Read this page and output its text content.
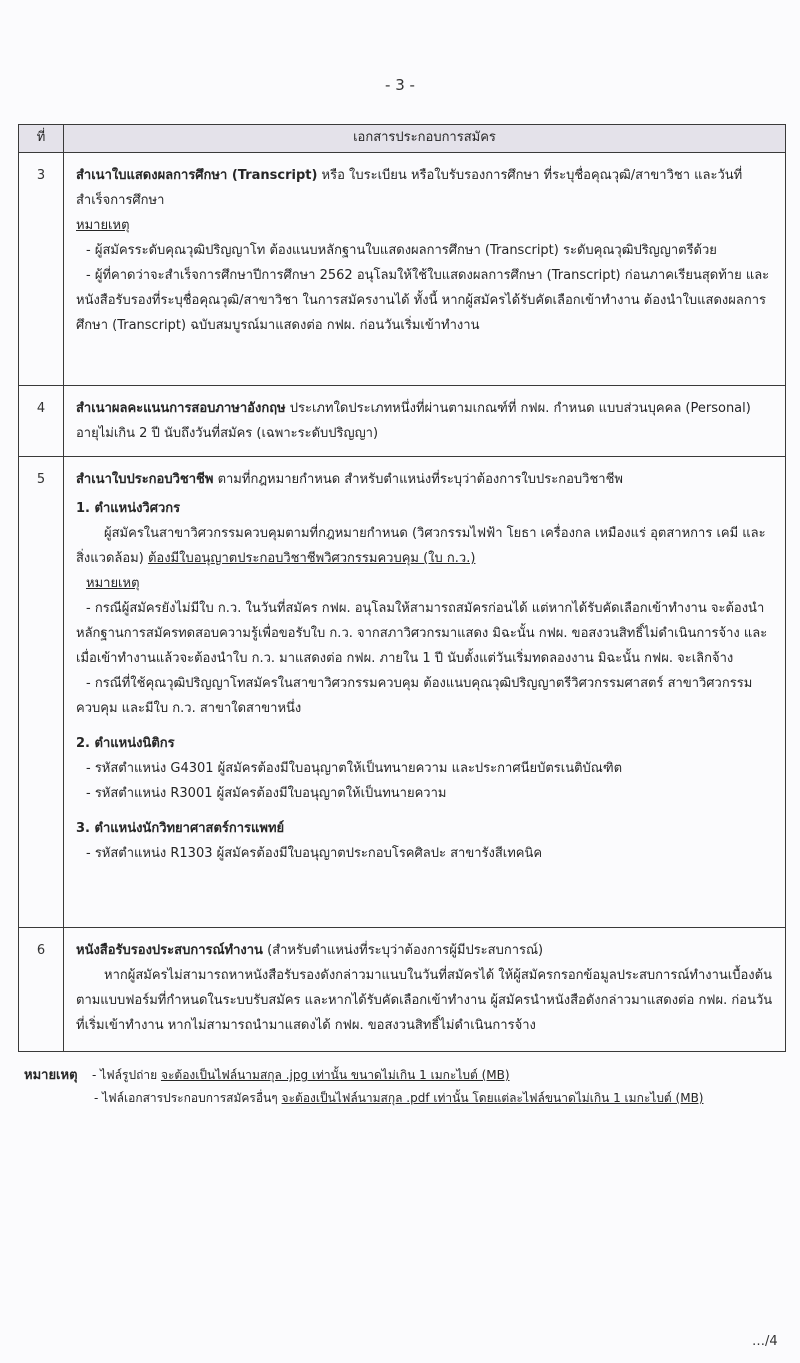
- 3 -
ที่	เอกสารประกอบการสมัคร
3	สำเนาใบแสดงผลการศึกษา (Transcript) หรือ ใบระเบียน หรือใบรับรองการศึกษา ที่ระบุชื่อคุณวุฒิ/สาขาวิชา และวันที่สำเร็จการศึกษา
หมายเหตุ
- ผู้สมัครระดับคุณวุฒิปริญญาโท ต้องแนบหลักฐานใบแสดงผลการศึกษา (Transcript) ระดับคุณวุฒิปริญญาตรีด้วย
- ผู้ที่คาดว่าจะสำเร็จการศึกษาปีการศึกษา 2562 อนุโลมให้ใช้ใบแสดงผลการศึกษา (Transcript) ก่อนภาคเรียนสุดท้าย และหนังสือรับรองที่ระบุชื่อคุณวุฒิ/สาขาวิชา ในการสมัครงานได้ ทั้งนี้ หากผู้สมัครได้รับคัดเลือกเข้าทำงาน ต้องนำใบแสดงผลการศึกษา (Transcript) ฉบับสมบูรณ์มาแสดงต่อ กฟผ. ก่อนวันเริ่มเข้าทำงาน

4	สำเนาผลคะแนนการสอบภาษาอังกฤษ ประเภทใดประเภทหนึ่งที่ผ่านตามเกณฑ์ที่ กฟผ. กำหนด แบบส่วนบุคคล (Personal) อายุไม่เกิน 2 ปี นับถึงวันที่สมัคร (เฉพาะระดับปริญญา)
5	สำเนาใบประกอบวิชาชีพ ตามที่กฎหมายกำหนด สำหรับตำแหน่งที่ระบุว่าต้องการใบประกอบวิชาชีพ
1. ตำแหน่งวิศวกร
ผู้สมัครในสาขาวิศวกรรมควบคุมตามที่กฎหมายกำหนด (วิศวกรรมไฟฟ้า โยธา เครื่องกล เหมืองแร่ อุตสาหการ เคมี และสิ่งแวดล้อม) ต้องมีใบอนุญาตประกอบวิชาชีพวิศวกรรมควบคุม (ใบ ก.ว.)
หมายเหตุ
- กรณีผู้สมัครยังไม่มีใบ ก.ว. ในวันที่สมัคร กฟผ. อนุโลมให้สามารถสมัครก่อนได้ แต่หากได้รับคัดเลือกเข้าทำงาน จะต้องนำหลักฐานการสมัครทดสอบความรู้เพื่อขอรับใบ ก.ว. จากสภาวิศวกรมาแสดง มิฉะนั้น กฟผ. ขอสงวนสิทธิ์ไม่ดำเนินการจ้าง และเมื่อเข้าทำงานแล้วจะต้องนำใบ ก.ว. มาแสดงต่อ กฟผ. ภายใน 1 ปี นับตั้งแต่วันเริ่มทดลองงาน มิฉะนั้น กฟผ. จะเลิกจ้าง
- กรณีที่ใช้คุณวุฒิปริญญาโทสมัครในสาขาวิศวกรรมควบคุม ต้องแนบคุณวุฒิปริญญาตรีวิศวกรรมศาสตร์ สาขาวิศวกรรมควบคุม และมีใบ ก.ว. สาขาใดสาขาหนึ่ง
2. ตำแหน่งนิติกร
- รหัสตำแหน่ง G4301 ผู้สมัครต้องมีใบอนุญาตให้เป็นทนายความ และประกาศนียบัตรเนติบัณฑิต
- รหัสตำแหน่ง R3001 ผู้สมัครต้องมีใบอนุญาตให้เป็นทนายความ
3. ตำแหน่งนักวิทยาศาสตร์การแพทย์
- รหัสตำแหน่ง R1303 ผู้สมัครต้องมีใบอนุญาตประกอบโรคศิลปะ สาขารังสีเทคนิค

6	หนังสือรับรองประสบการณ์ทำงาน (สำหรับตำแหน่งที่ระบุว่าต้องการผู้มีประสบการณ์)
หากผู้สมัครไม่สามารถหาหนังสือรับรองดังกล่าวมาแนบในวันที่สมัครได้ ให้ผู้สมัครกรอกข้อมูลประสบการณ์ทำงานเบื้องต้นตามแบบฟอร์มที่กำหนดในระบบรับสมัคร และหากได้รับคัดเลือกเข้าทำงาน ผู้สมัครนำหนังสือดังกล่าวมาแสดงต่อ กฟผ. ก่อนวันที่เริ่มเข้าทำงาน หากไม่สามารถนำมาแสดงได้ กฟผ. ขอสงวนสิทธิ์ไม่ดำเนินการจ้าง
หมายเหตุ - ไฟล์รูปถ่าย จะต้องเป็นไฟล์นามสกุล .jpg เท่านั้น ขนาดไม่เกิน 1 เมกะไบต์ (MB)
- ไฟล์เอกสารประกอบการสมัครอื่นๆ จะต้องเป็นไฟล์นามสกุล .pdf เท่านั้น โดยแต่ละไฟล์ขนาดไม่เกิน 1 เมกะไบต์ (MB)
…/4
